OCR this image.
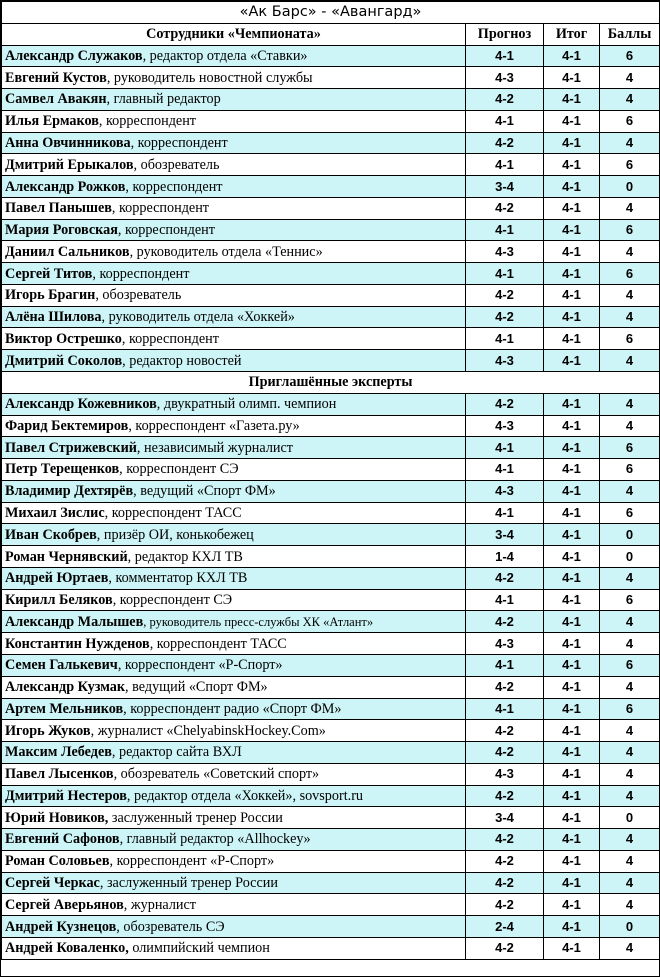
«Ак Барс» - «Авангард»			
Сотрудники «Чемпионата»	Прогноз	Итог	Баллы
Александр Служаков, редактор отдела «Ставки»	4-1	4-1	6
Евгений Кустов, руководитель новостной службы	4-3	4-1	4
Самвел Авакян, главный редактор	4-2	4-1	4
Илья Ермаков, корреспондент	4-1	4-1	6
Анна Овчинникова, корреспондент	4-2	4-1	4
Дмитрий Ерыкалов, обозреватель	4-1	4-1	6
Александр Рожков, корреспондент	3-4	4-1	0
Павел Панышев, корреспондент	4-2	4-1	4
Мария Роговская, корреспондент	4-1	4-1	6
Даниил Сальников, руководитель отдела «Теннис»	4-3	4-1	4
Сергей Титов, корреспондент	4-1	4-1	6
Игорь Брагин, обозреватель	4-2	4-1	4
Алёна Шилова, руководитель отдела «Хоккей»	4-2	4-1	4
Виктор Острешко, корреспондент	4-1	4-1	6
Дмитрий Соколов, редактор новостей	4-3	4-1	4
Приглашённые эксперты			
Александр Кожевников, двукратный олимп. чемпион	4-2	4-1	4
Фарид Бектемиров, корреспондент «Газета.ру»	4-3	4-1	4
Павел Стрижевский, независимый журналист	4-1	4-1	6
Петр Терещенков, корреспондент СЭ	4-1	4-1	6
Владимир Дехтярёв, ведущий «Спорт ФМ»	4-3	4-1	4
Михаил Зислис, корреспондент ТАСС	4-1	4-1	6
Иван Скобрев, призёр ОИ, конькобежец	3-4	4-1	0
Роман Чернявский, редактор КХЛ ТВ	1-4	4-1	0
Андрей Юртаев, комментатор КХЛ ТВ	4-2	4-1	4
Кирилл Беляков, корреспондент СЭ	4-1	4-1	6
Александр Малышев, руководитель пресс-службы ХК «Атлант»	4-2	4-1	4
Константин Нужденов, корреспондент ТАСС	4-3	4-1	4
Семен Галькевич, корреспондент «Р-Спорт»	4-1	4-1	6
Александр Кузмак, ведущий «Спорт ФМ»	4-2	4-1	4
Артем Мельников, корреспондент радио «Спорт ФМ»	4-1	4-1	6
Игорь Жуков, журналист «ChelyabinskHockey.Com»	4-2	4-1	4
Максим Лебедев, редактор сайта ВХЛ	4-2	4-1	4
Павел Лысенков, обозреватель «Советский спорт»	4-3	4-1	4
Дмитрий Нестеров, редактор отдела «Хоккей», sovsport.ru	4-2	4-1	4
Юрий Новиков, заслуженный тренер России	3-4	4-1	0
Евгений Сафонов, главный редактор «Allhockey»	4-2	4-1	4
Роман Соловьев, корреспондент «Р-Спорт»	4-2	4-1	4
Сергей Черкас, заслуженный тренер России	4-2	4-1	4
Сергей Аверьянов, журналист	4-2	4-1	4
Андрей Кузнецов, обозреватель СЭ	2-4	4-1	0
Андрей Коваленко, олимпийский чемпион	4-2	4-1	4
